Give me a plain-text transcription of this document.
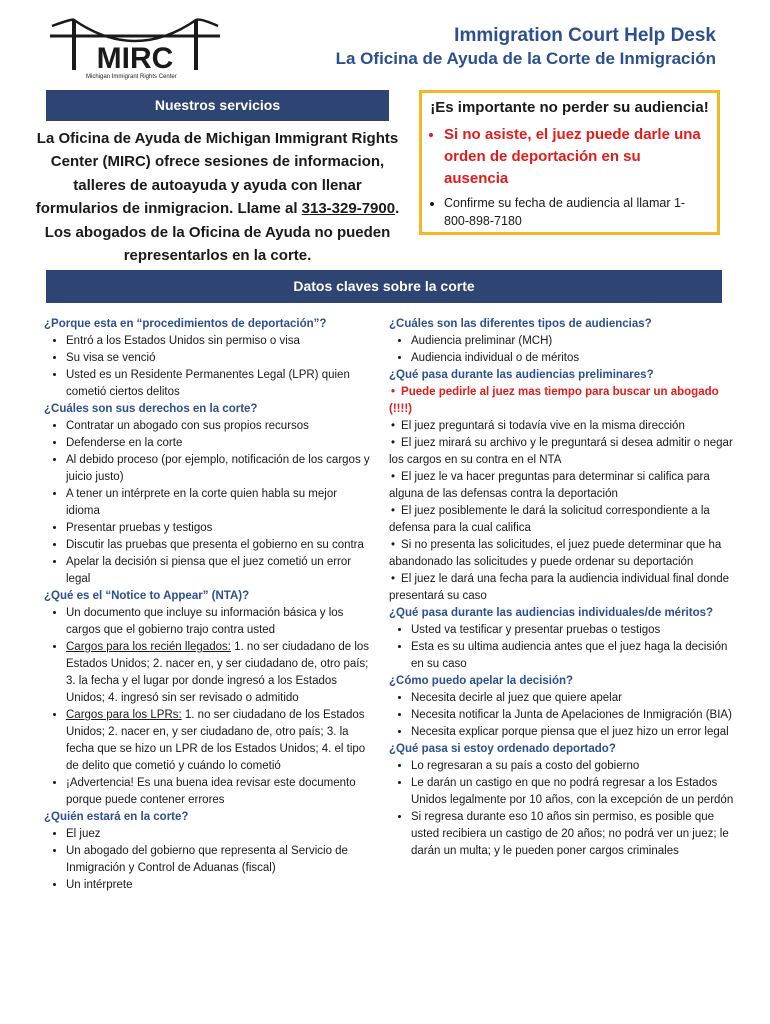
MIRC
Michigan Immigrant Rights Center
Immigration Court Help Desk
La Oficina de Ayuda de la Corte de Inmigración
Nuestros servicios
La Oficina de Ayuda de Michigan Immigrant Rights Center (MIRC) ofrece sesiones de informacion, talleres de autoayuda y ayuda con llenar formularios de inmigracion. Llame al 313-329-7900. Los abogados de la Oficina de Ayuda no pueden representarlos en la corte.
¡Es importante no perder su audiencia!
• Si no asiste, el juez puede darle una orden de deportación en su ausencia
• Confirme su fecha de audiencia al llamar 1-800-898-7180
Datos claves sobre la corte
¿Porque esta en “procedimientos de deportación”?
• Entró a los Estados Unidos sin permiso o visa
• Su visa se venció
• Usted es un Residente Permanentes Legal (LPR) quien cometió ciertos delitos
¿Cuáles son sus derechos en la corte?
• Contratar un abogado con sus propios recursos
• Defenderse en la corte
• Al debido proceso (por ejemplo, notificación de los cargos y juicio justo)
• A tener un intérprete en la corte quien habla su mejor idioma
• Presentar pruebas y testigos
• Discutir las pruebas que presenta el gobierno en su contra
• Apelar la decisión si piensa que el juez cometió un error legal
¿Qué es el “Notice to Appear” (NTA)?
• Un documento que incluye su información básica y los cargos que el gobierno trajo contra usted
• Cargos para los recién llegados: 1. no ser ciudadano de los Estados Unidos; 2. nacer en, y ser ciudadano de, otro país; 3. la fecha y el lugar por donde ingresó a los Estados Unidos; 4. ingresó sin ser revisado o admitido
• Cargos para los LPRs: 1. no ser ciudadano de los Estados Unidos; 2. nacer en, y ser ciudadano de, otro país; 3. la fecha que se hizo un LPR de los Estados Unidos; 4. el tipo de delito que cometió y cuándo lo cometió
• ¡Advertencia! Es una buena idea revisar este documento porque puede contener errores
¿Quién estará en la corte?
• El juez
• Un abogado del gobierno que representa al Servicio de Inmigración y Control de Aduanas (fiscal)
• Un intérprete
¿Cuáles son las diferentes tipos de audiencias?
• Audiencia preliminar (MCH)
• Audiencia individual o de méritos
¿Qué pasa durante las audiencias preliminares?
• Puede pedirle al juez mas tiempo para buscar un abogado (!!!!)
• El juez preguntará si todavía vive en la misma dirección
• El juez mirará su archivo y le preguntará si desea admitir o negar los cargos en su contra en el NTA
• El juez le va hacer preguntas para determinar si califica para alguna de las defensas contra la deportación
• El juez posiblemente le dará la solicitud correspondiente a la defensa para la cual califica
• Si no presenta las solicitudes, el juez puede determinar que ha abandonado las solicitudes y puede ordenar su deportación
• El juez le dará una fecha para la audiencia individual final donde presentará su caso
¿Qué pasa durante las audiencias individuales/de méritos?
• Usted va testificar y presentar pruebas o testigos
• Esta es su ultima audiencia antes que el juez haga la decisión en su caso
¿Cómo puedo apelar la decisión?
• Necesita decirle al juez que quiere apelar
• Necesita notificar la Junta de Apelaciones de Inmigración (BIA)
• Necesita explicar porque piensa que el juez hizo un error legal
¿Qué pasa si estoy ordenado deportado?
• Lo regresaran a su país a costo del gobierno
• Le darán un castigo en que no podrá regresar a los Estados Unidos legalmente por 10 años, con la excepción de un perdón
• Si regresa durante eso 10 años sin permiso, es posible que usted recibiera un castigo de 20 años; no podrá ver un juez; le darán un multa; y le pueden poner cargos criminales
